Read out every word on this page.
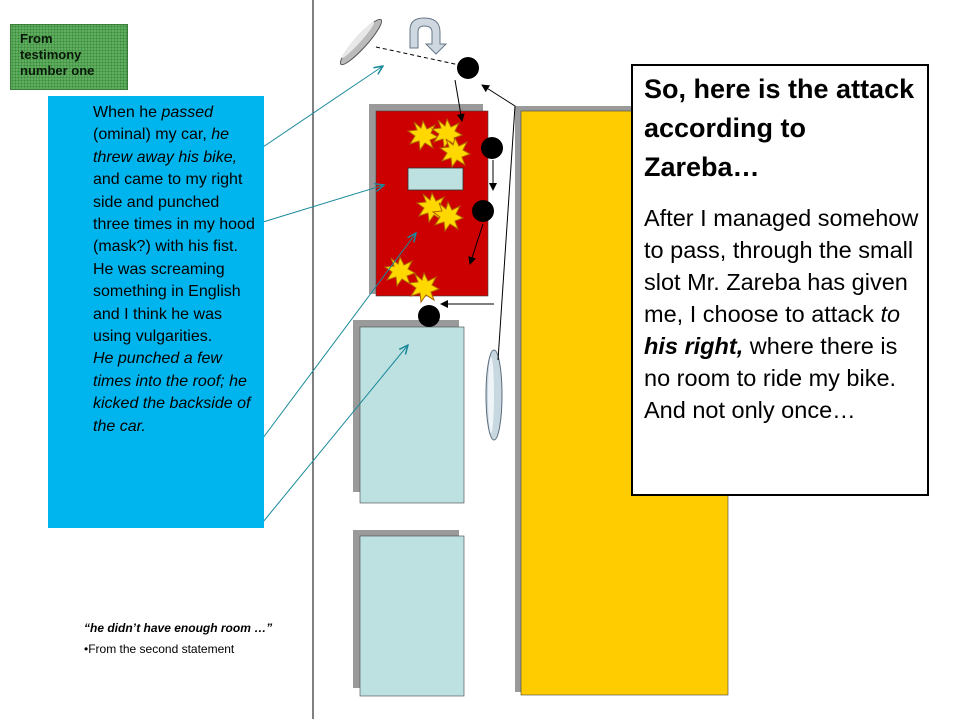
From
testimony
number one

When he passed (ominal) my car, he threw away his bike, and came to my right side and punched three times in my hood (mask?) with his fist.

He was screaming something in English and I think he was using vulgarities.

He punched a few times into the roof; he kicked the backside of the car.

So, here is the attack according to Zareba…
After I managed somehow to pass, through the small slot Mr. Zareba has given me, I choose to attack to his right, where there is no room to ride my bike. And not only once…
“he didn’t have enough room …”
•From the second statement
